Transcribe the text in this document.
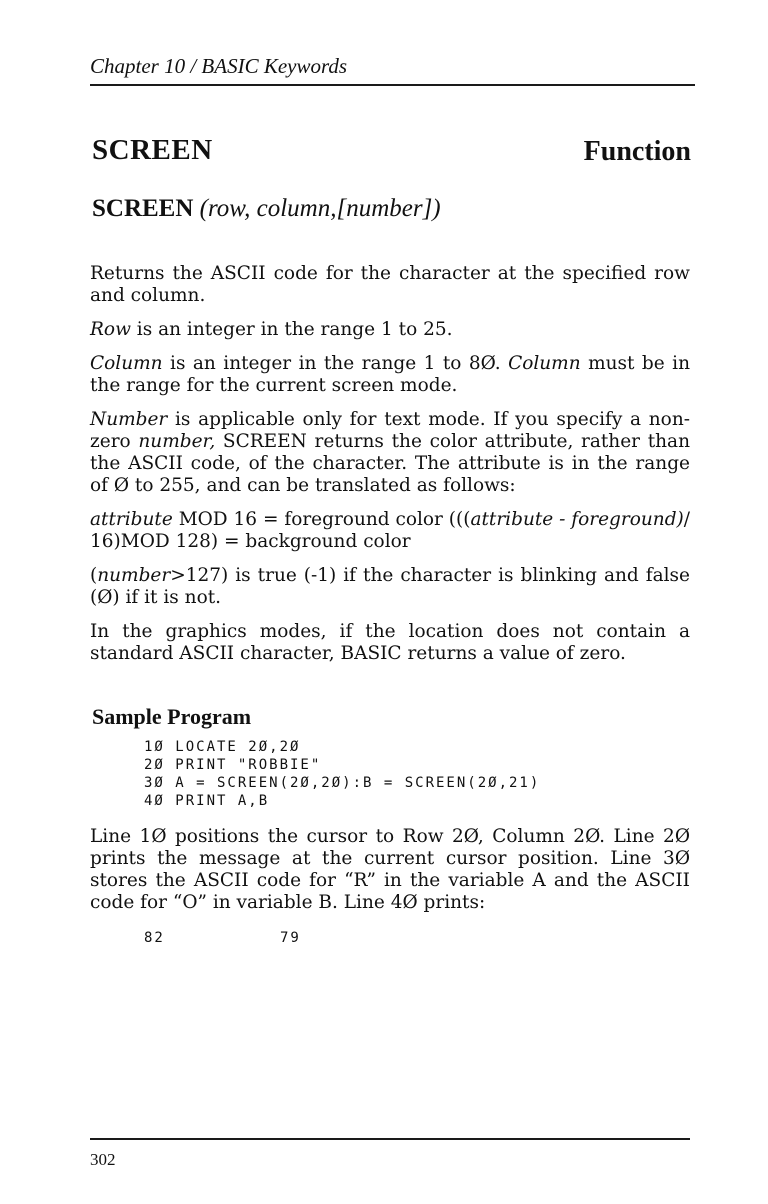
Chapter 10 / BASIC Keywords
SCREEN	Function
SCREEN (row, column,[number])

Returns the ASCII code for the character at the specified row and column.

Row is an integer in the range 1 to 25.

Column is an integer in the range 1 to 8Ø. Column must be in the range for the current screen mode.

Number is applicable only for text mode. If you specify a non-zero number, SCREEN returns the color attribute, rather than the ASCII code, of the character. The attribute is in the range of Ø to 255, and can be translated as follows:

attribute MOD 16 = foreground color (((attribute - foreground)/ 16)MOD 128) = background color

(number>127) is true (-1) if the character is blinking and false (Ø) if it is not.

In the graphics modes, if the location does not contain a standard ASCII character, BASIC returns a value of zero.

Sample Program
1Ø LOCATE 2Ø,2Ø
2Ø PRINT "ROBBIE"
3Ø A = SCREEN(2Ø,2Ø):B = SCREEN(2Ø,21)
4Ø PRINT A,B
Line 1Ø positions the cursor to Row 2Ø, Column 2Ø. Line 2Ø prints the message at the current cursor position. Line 3Ø stores the ASCII code for “R” in the variable A and the ASCII code for “O” in variable B. Line 4Ø prints:
82	79
302
